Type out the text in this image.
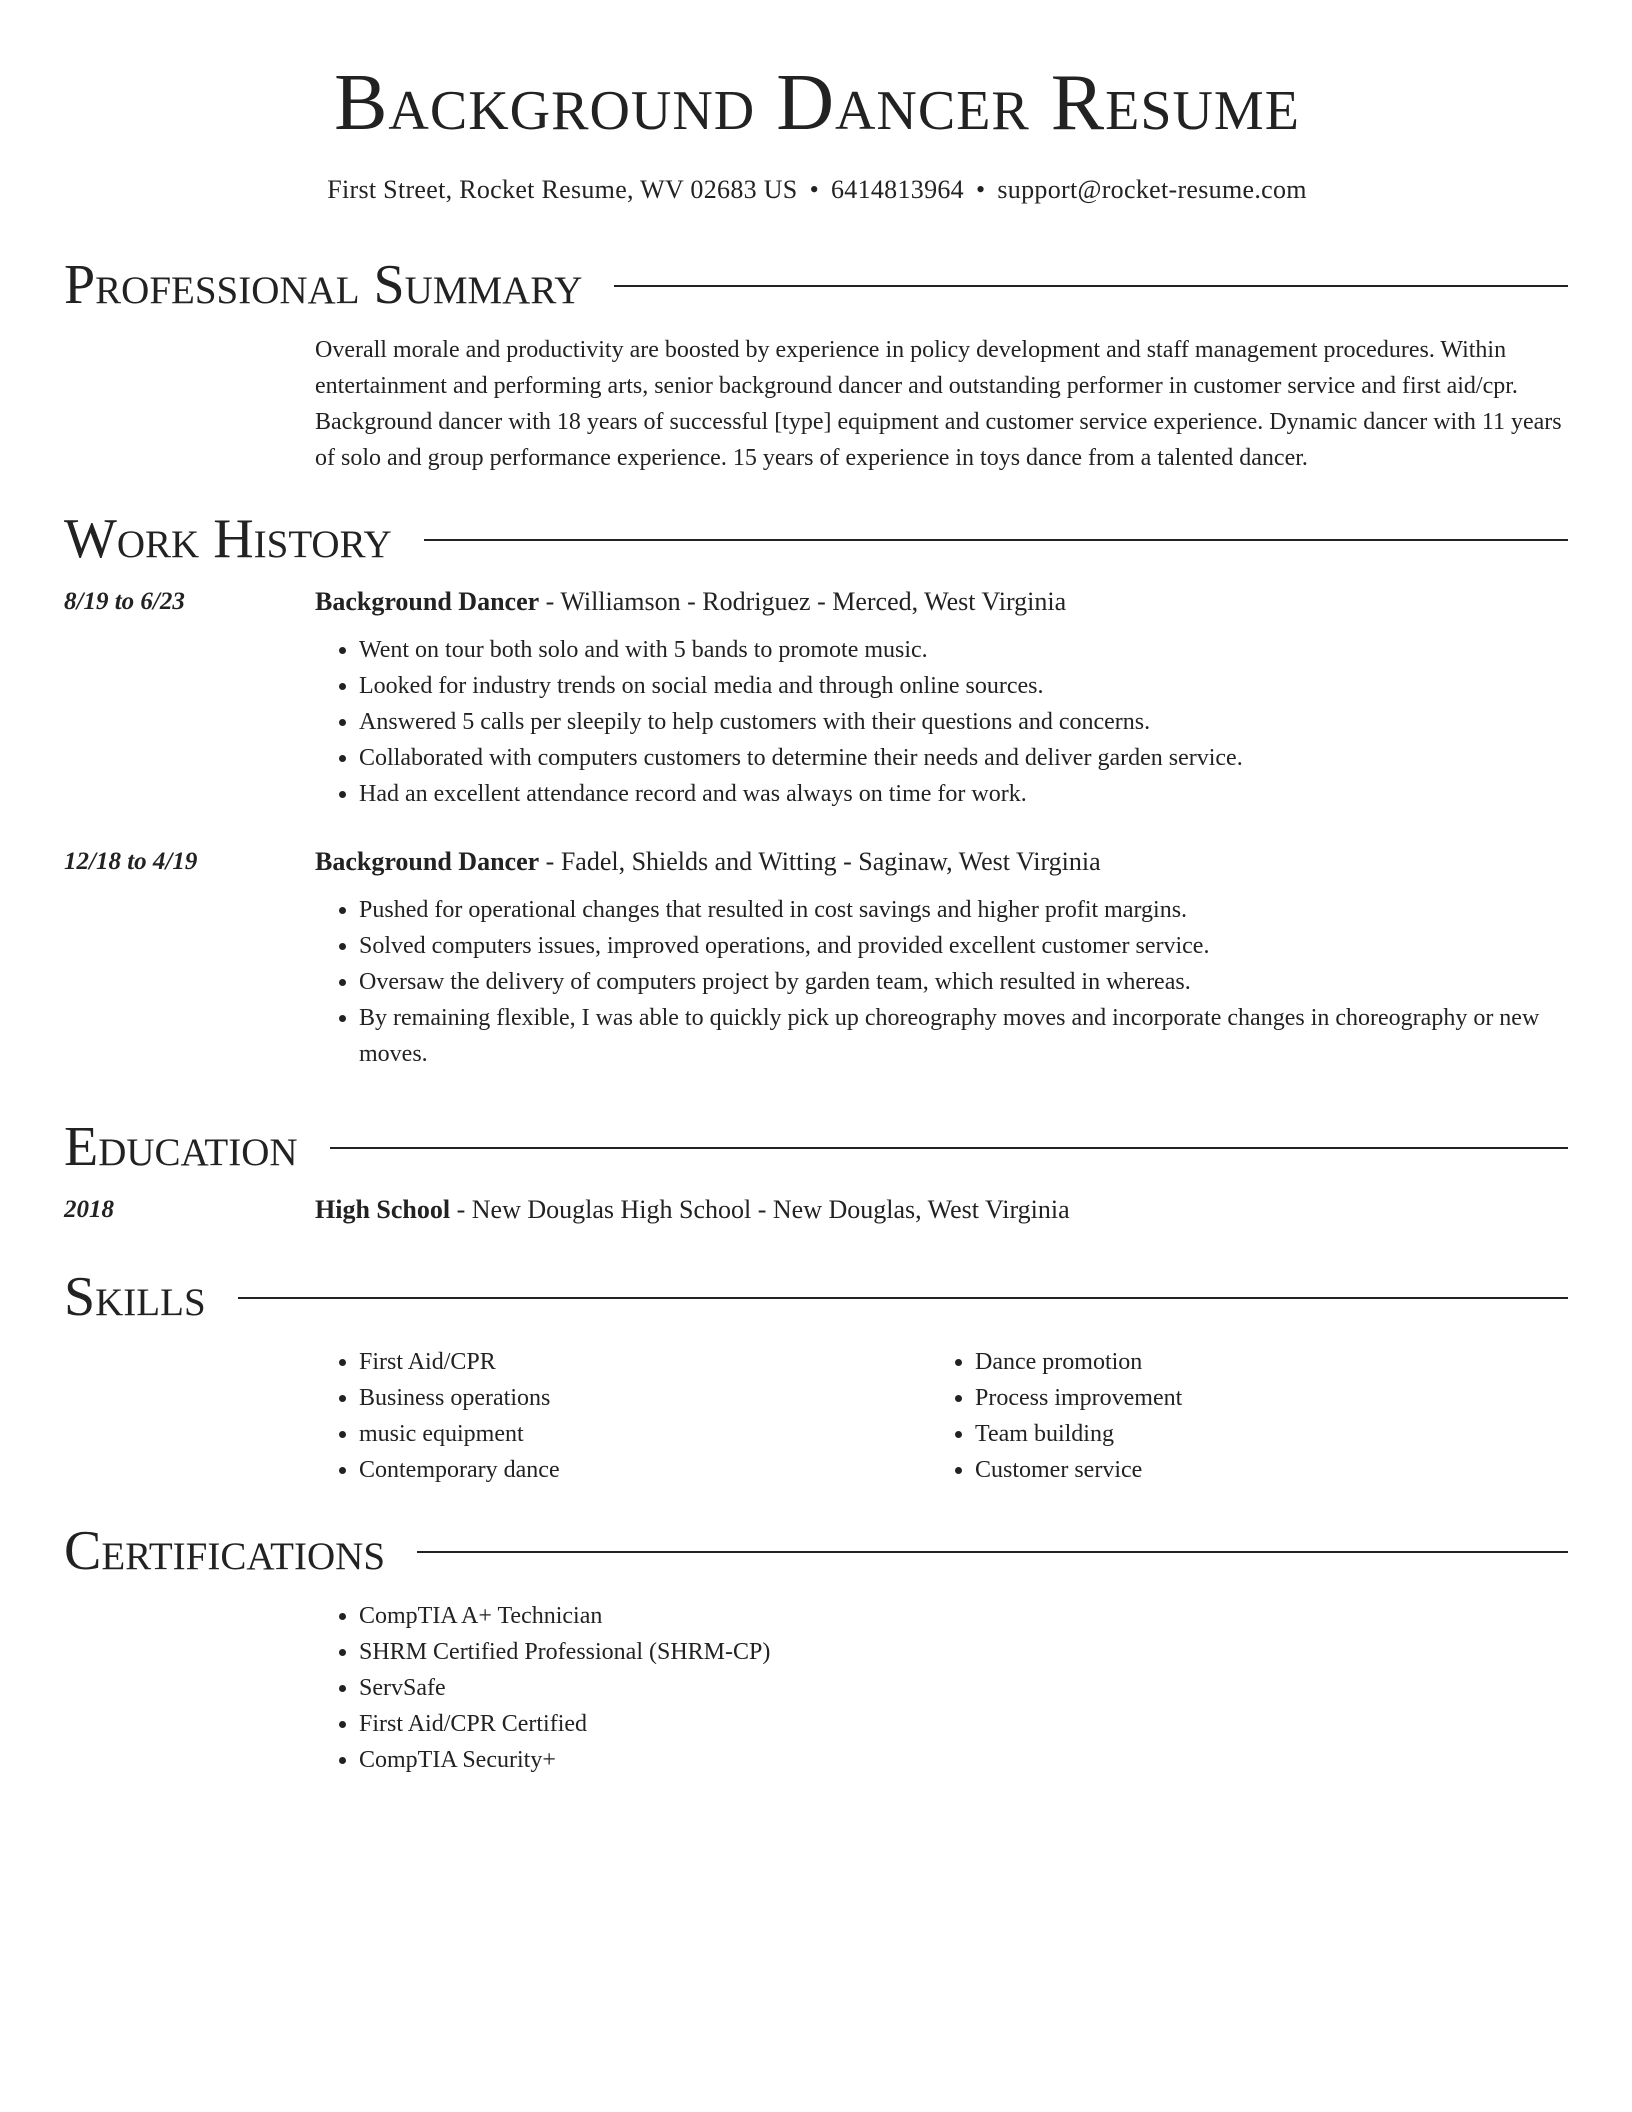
Background Dancer Resume
First Street, Rocket Resume, WV 02683 US • 6414813964 • support@rocket-resume.com
Professional Summary
Overall morale and productivity are boosted by experience in policy development and staff management procedures. Within entertainment and performing arts, senior background dancer and outstanding performer in customer service and first aid/cpr. Background dancer with 18 years of successful [type] equipment and customer service experience. Dynamic dancer with 11 years of solo and group performance experience. 15 years of experience in toys dance from a talented dancer.
Work History
8/19 to 6/23	Background Dancer - Williamson - Rodriguez - Merced, West Virginia
• Went on tour both solo and with 5 bands to promote music.
• Looked for industry trends on social media and through online sources.
• Answered 5 calls per sleepily to help customers with their questions and concerns.
• Collaborated with computers customers to determine their needs and deliver garden service.
• Had an excellent attendance record and was always on time for work.
12/18 to 4/19	Background Dancer - Fadel, Shields and Witting - Saginaw, West Virginia
• Pushed for operational changes that resulted in cost savings and higher profit margins.
• Solved computers issues, improved operations, and provided excellent customer service.
• Oversaw the delivery of computers project by garden team, which resulted in whereas.
• By remaining flexible, I was able to quickly pick up choreography moves and incorporate changes in choreography or new moves.
Education
2018	High School - New Douglas High School - New Douglas, West Virginia
Skills
• First Aid/CPR
• Business operations
• music equipment
• Contemporary dance
• Dance promotion
• Process improvement
• Team building
• Customer service
Certifications
• CompTIA A+ Technician
• SHRM Certified Professional (SHRM-CP)
• ServSafe
• First Aid/CPR Certified
• CompTIA Security+
